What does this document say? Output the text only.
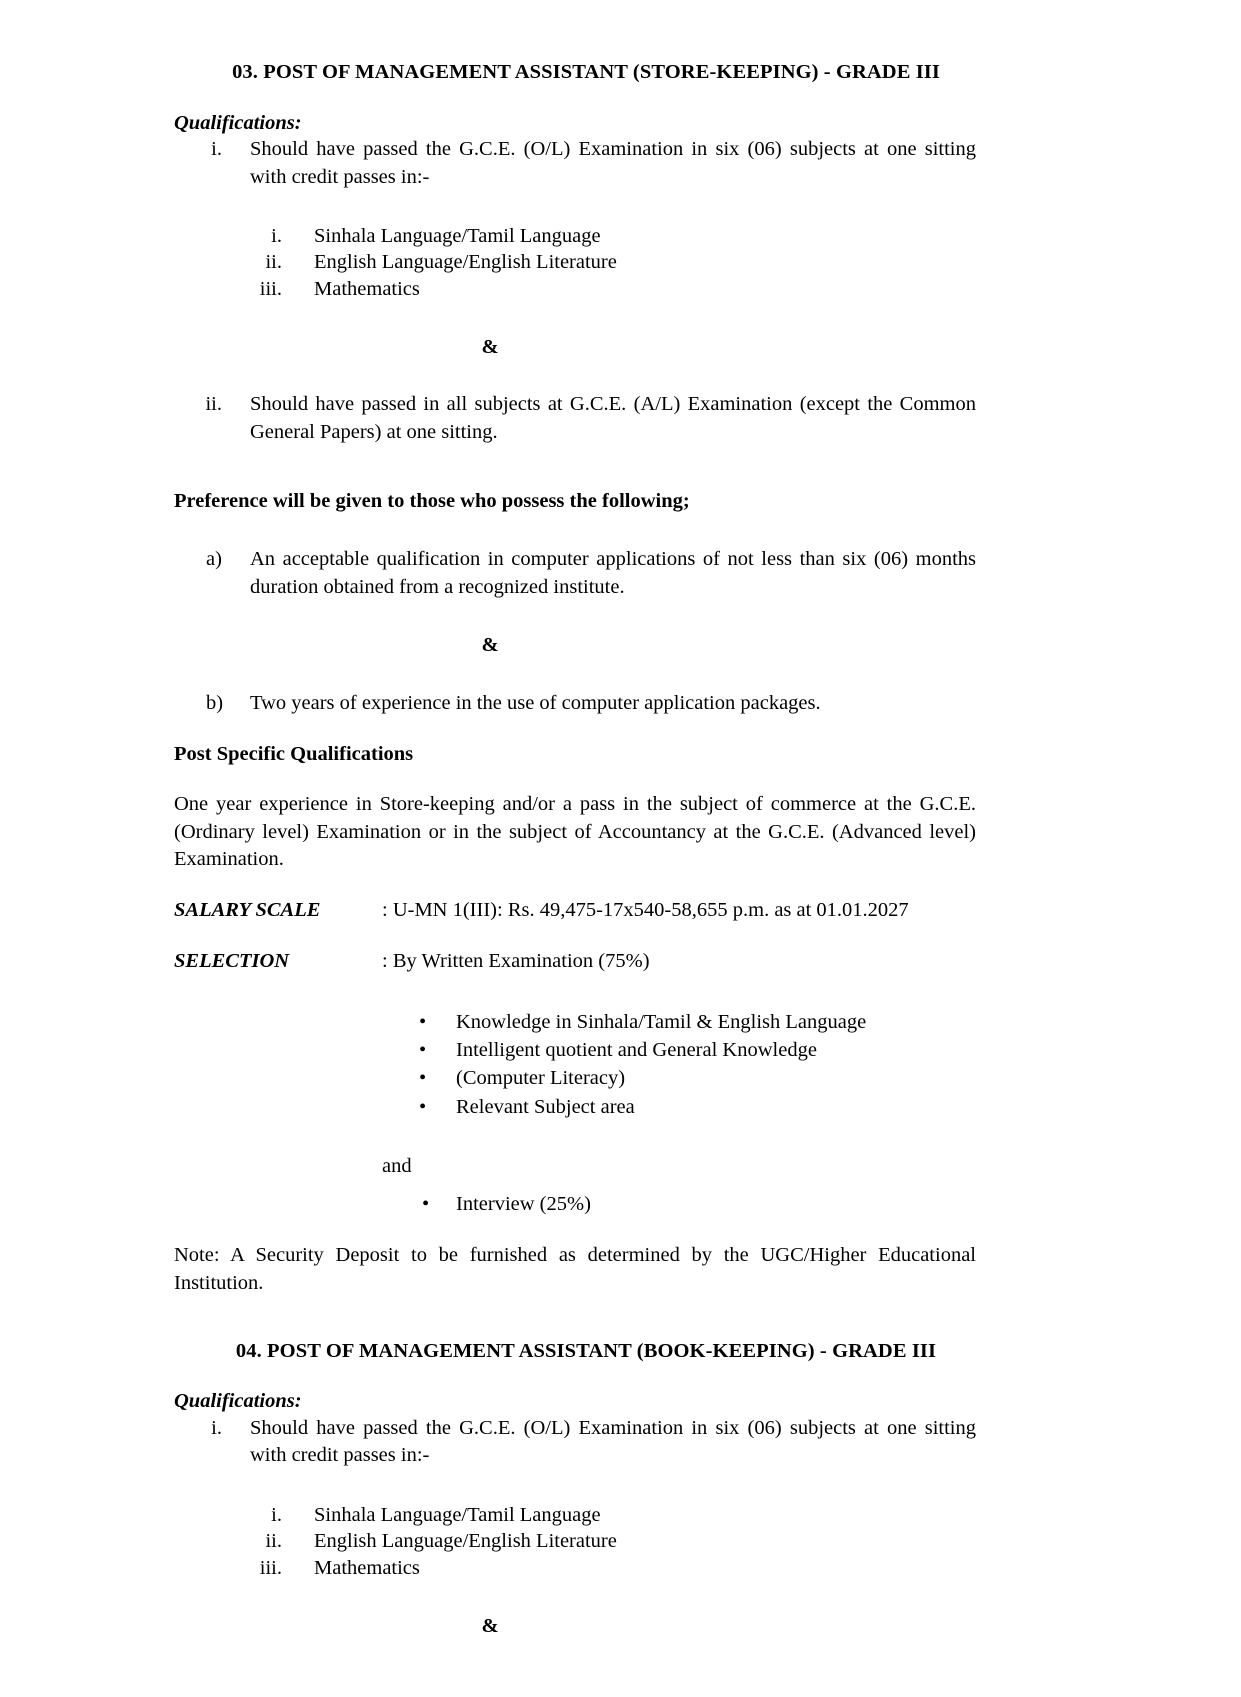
03. POST OF MANAGEMENT ASSISTANT (STORE-KEEPING) - GRADE III

Qualifications:

i. Should have passed the G.C.E. (O/L) Examination in six (06) subjects at one sitting with credit passes in:-
i. Sinhala Language/Tamil Language
ii. English Language/English Literature
iii. Mathematics

&

ii. Should have passed in all subjects at G.C.E. (A/L) Examination (except the Common General Papers) at one sitting.

Preference will be given to those who possess the following;

a)	An acceptable qualification in computer applications of not less than six (06) months duration obtained from a recognized institute.

&

b)	Two years of experience in the use of computer application packages.

Post Specific Qualifications

One year experience in Store-keeping and/or a pass in the subject of commerce at the G.C.E. (Ordinary level) Examination or in the subject of Accountancy at the G.C.E. (Advanced level) Examination.

SALARY SCALE	: U-MN 1(III): Rs. 49,475-17x540-58,655 p.m. as at 01.01.2027
SELECTION	: By Written Examination (75%)
• Knowledge in Sinhala/Tamil & English Language
• Intelligent quotient and General Knowledge
• (Computer Literacy)
• Relevant Subject area

and

• Interview (25%)

Note: A Security Deposit to be furnished as determined by the UGC/Higher Educational Institution.

04. POST OF MANAGEMENT ASSISTANT (BOOK-KEEPING) - GRADE III

Qualifications:

i. Should have passed the G.C.E. (O/L) Examination in six (06) subjects at one sitting with credit passes in:-
i. Sinhala Language/Tamil Language
ii. English Language/English Literature
iii. Mathematics

&
